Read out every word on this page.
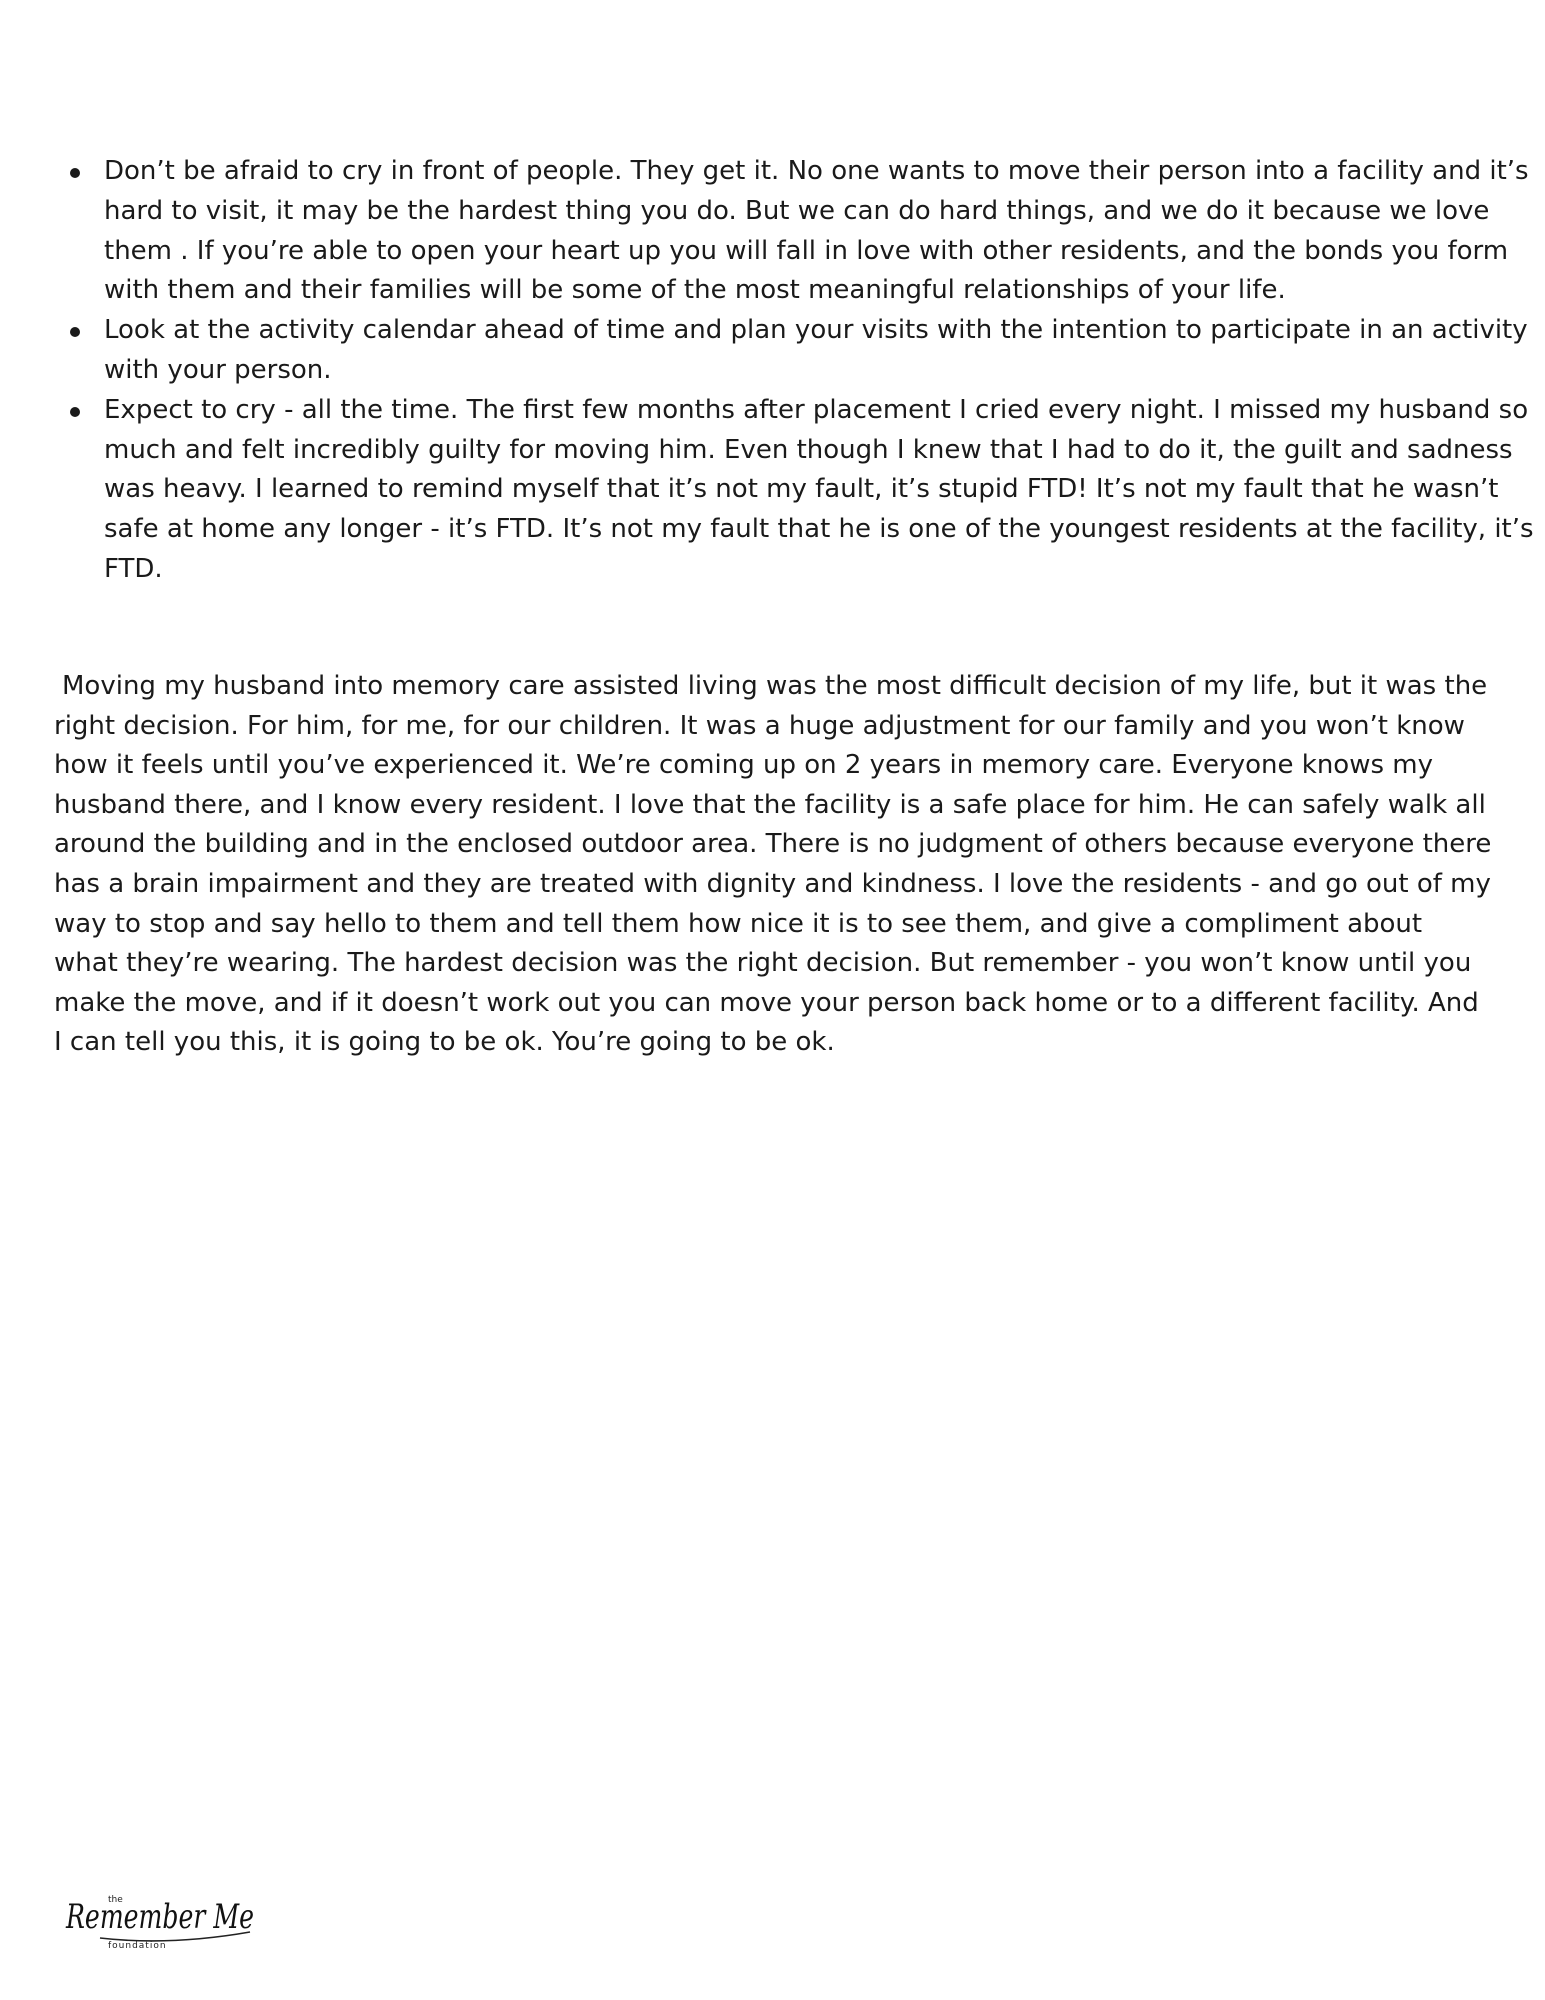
Don’t be afraid to cry in front of people. They get it. No one wants to move their person into a facility and it’s hard to visit, it may be the hardest thing you do. But we can do hard things, and we do it because we love them . If you’re able to open your heart up you will fall in love with other residents, and the bonds you form with them and their families will be some of the most meaningful relationships of your life.
Look at the activity calendar ahead of time and plan your visits with the intention to participate in an activity with your person.
Expect to cry - all the time. The first few months after placement I cried every night. I missed my husband so much and felt incredibly guilty for moving him. Even though I knew that I had to do it, the guilt and sadness was heavy. I learned to remind myself that it’s not my fault, it’s stupid FTD! It’s not my fault that he wasn’t safe at home any longer - it’s FTD. It’s not my fault that he is one of the youngest residents at the facility, it’s FTD.

Moving my husband into memory care assisted living was the most difficult decision of my life, but it was the right decision. For him, for me, for our children. It was a huge adjustment for our family and you won’t know how it feels until you’ve experienced it. We’re coming up on 2 years in memory care. Everyone knows my husband there, and I know every resident. I love that the facility is a safe place for him. He can safely walk all around the building and in the enclosed outdoor area. There is no judgment of others because everyone there has a brain impairment and they are treated with dignity and kindness. I love the residents - and go out of my way to stop and say hello to them and tell them how nice it is to see them, and give a compliment about what they’re wearing. The hardest decision was the right decision. But remember - you won’t know until you make the move, and if it doesn’t work out you can move your person back home or to a different facility. And I can tell you this, it is going to be ok. You’re going to be ok.

the
Remember Me
foundation
